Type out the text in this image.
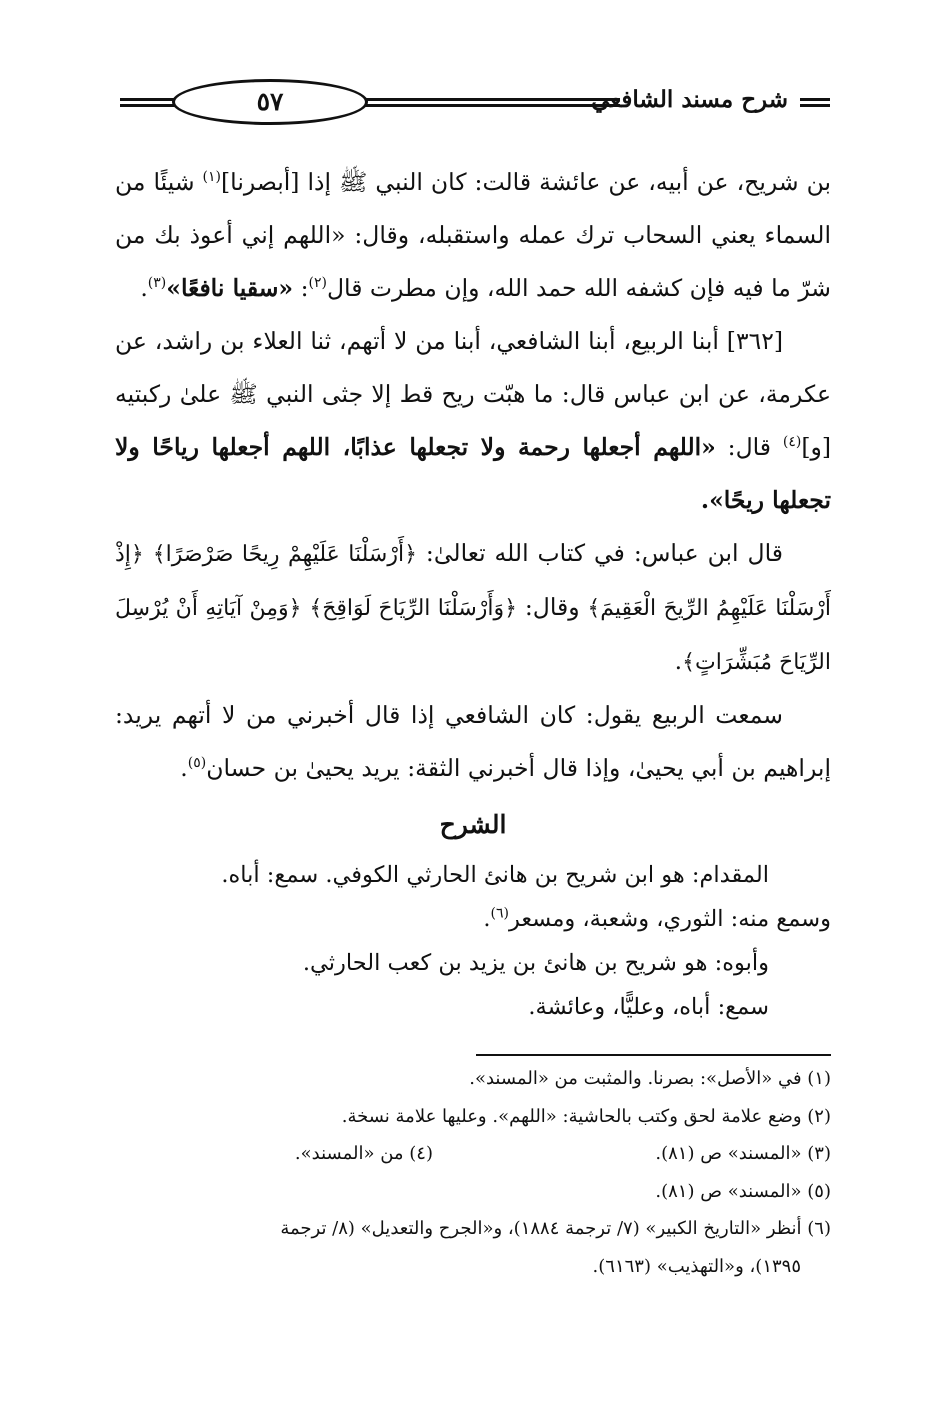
شرح مسند الشافعي
٥٧

بن شريح، عن أبيه، عن عائشة قالت: كان النبي ﷺ إذا [أبصرنا]$^{(١)}$ شيئًا من السماء يعني السحاب ترك عمله واستقبله، وقال: «اللهم إني أعوذ بك من شرّ ما فيه فإن كشفه الله حمد الله، وإن مطرت قال$^{(٢)}$: «سقيا نافعًا»$^{(٣)}$.

[٣٦٢] أبنا الربيع، أبنا الشافعي، أبنا من لا أتهم، ثنا العلاء بن راشد، عن عكرمة، عن ابن عباس قال: ما هبّت ريح قط إلا جثى النبي ﷺ علىٰ ركبتيه [و]$^{(٤)}$ قال: «اللهم أجعلها رحمة ولا تجعلها عذابًا، اللهم أجعلها رياحًا ولا تجعلها ريحًا».

قال ابن عباس: في كتاب الله تعالىٰ: ﴿أَرْسَلْنَا عَلَيْهِمْ رِيحًا صَرْصَرًا﴾ ﴿إِذْ أَرْسَلْنَا عَلَيْهِمُ الرِّيحَ الْعَقِيمَ﴾ وقال: ﴿وَأَرْسَلْنَا الرِّيَاحَ لَوَاقِحَ﴾ ﴿وَمِنْ آيَاتِهِ أَنْ يُرْسِلَ الرِّيَاحَ مُبَشِّرَاتٍ﴾.

سمعت الربيع يقول: كان الشافعي إذا قال أخبرني من لا أتهم يريد: إبراهيم بن أبي يحيىٰ، وإذا قال أخبرني الثقة: يريد يحيىٰ بن حسان$^{(٥)}$.

الشرح

المقدام: هو ابن شريح بن هانئ الحارثي الكوفي. سمع: أباه.

وسمع منه: الثوري، وشعبة، ومسعر$^{(٦)}$.

وأبوه: هو شريح بن هانئ بن يزيد بن كعب الحارثي.

سمع: أباه، وعليًّا، وعائشة.

(١) في «الأصل»: بصرنا. والمثبت من «المسند».

(٢) وضع علامة لحق وكتب بالحاشية: «اللهم». وعليها علامة نسخة.

(٣) «المسند» ص (٨١).
(٤) من «المسند».

(٥) «المسند» ص (٨١).

(٦) أنظر «التاريخ الكبير» (٧/ ترجمة ١٨٨٤)، و«الجرح والتعديل» (٨/ ترجمة

١٣٩٥)، و«التهذيب» (٦١٦٣).
